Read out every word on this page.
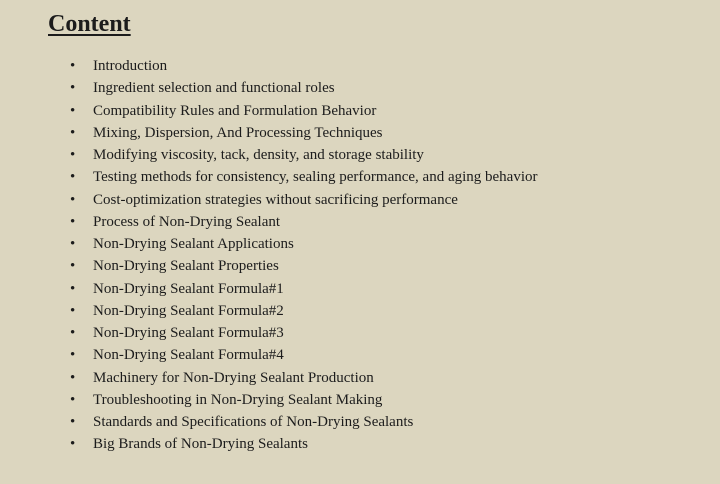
Content
• Introduction
• Ingredient selection and functional roles
• Compatibility Rules and Formulation Behavior
• Mixing, Dispersion, And Processing Techniques
• Modifying viscosity, tack, density, and storage stability
• Testing methods for consistency, sealing performance, and aging behavior
• Cost-optimization strategies without sacrificing performance
• Process of Non-Drying Sealant
• Non-Drying Sealant Applications
• Non-Drying Sealant Properties
• Non-Drying Sealant Formula#1
• Non-Drying Sealant Formula#2
• Non-Drying Sealant Formula#3
• Non-Drying Sealant Formula#4
• Machinery for Non-Drying Sealant Production
• Troubleshooting in Non-Drying Sealant Making
• Standards and Specifications of Non-Drying Sealants
• Big Brands of Non-Drying Sealants
